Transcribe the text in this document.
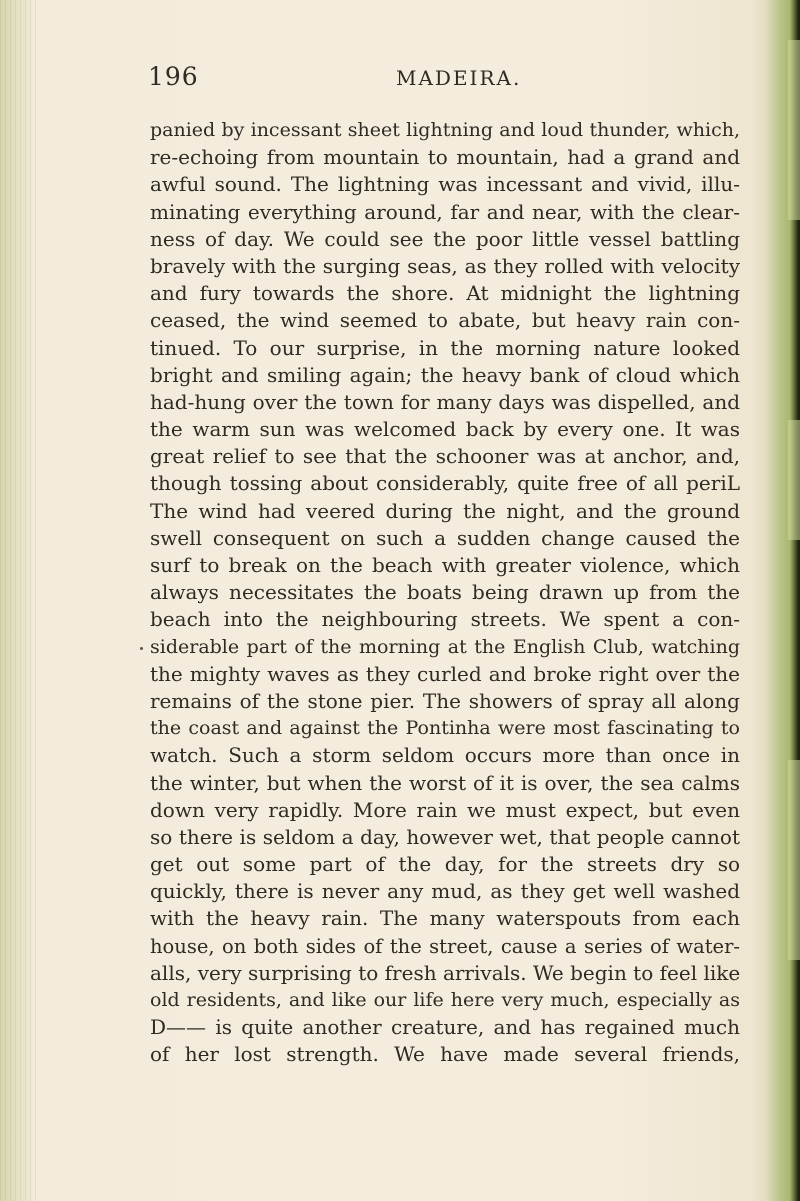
196	MADEIRA.
panied by incessant sheet lightning and loud thunder, which,
re-echoing from mountain to mountain, had a grand and
awful sound. The lightning was incessant and vivid, illu-
minating everything around, far and near, with the clear-
ness of day. We could see the poor little vessel battling
bravely with the surging seas, as they rolled with velocity
and fury towards the shore. At midnight the lightning
ceased, the wind seemed to abate, but heavy rain con-
tinued. To our surprise, in the morning nature looked
bright and smiling again; the heavy bank of cloud which
had-hung over the town for many days was dispelled, and
the warm sun was welcomed back by every one. It was
great relief to see that the schooner was at anchor, and,
though tossing about considerably, quite free of all periL
The wind had veered during the night, and the ground
swell consequent on such a sudden change caused the
surf to break on the beach with greater violence, which
always necessitates the boats being drawn up from the
beach into the neighbouring streets. We spent a con-
siderable part of the morning at the English Club, watching
the mighty waves as they curled and broke right over the
remains of the stone pier. The showers of spray all along
the coast and against the Pontinha were most fascinating to
watch. Such a storm seldom occurs more than once in
the winter, but when the worst of it is over, the sea calms
down very rapidly. More rain we must expect, but even
so there is seldom a day, however wet, that people cannot
get out some part of the day, for the streets dry so
quickly, there is never any mud, as they get well washed
with the heavy rain. The many waterspouts from each
house, on both sides of the street, cause a series of water-
alls, very surprising to fresh arrivals. We begin to feel like
old residents, and like our life here very much, especially as
D—— is quite another creature, and has regained much
of her lost strength. We have made several friends,
